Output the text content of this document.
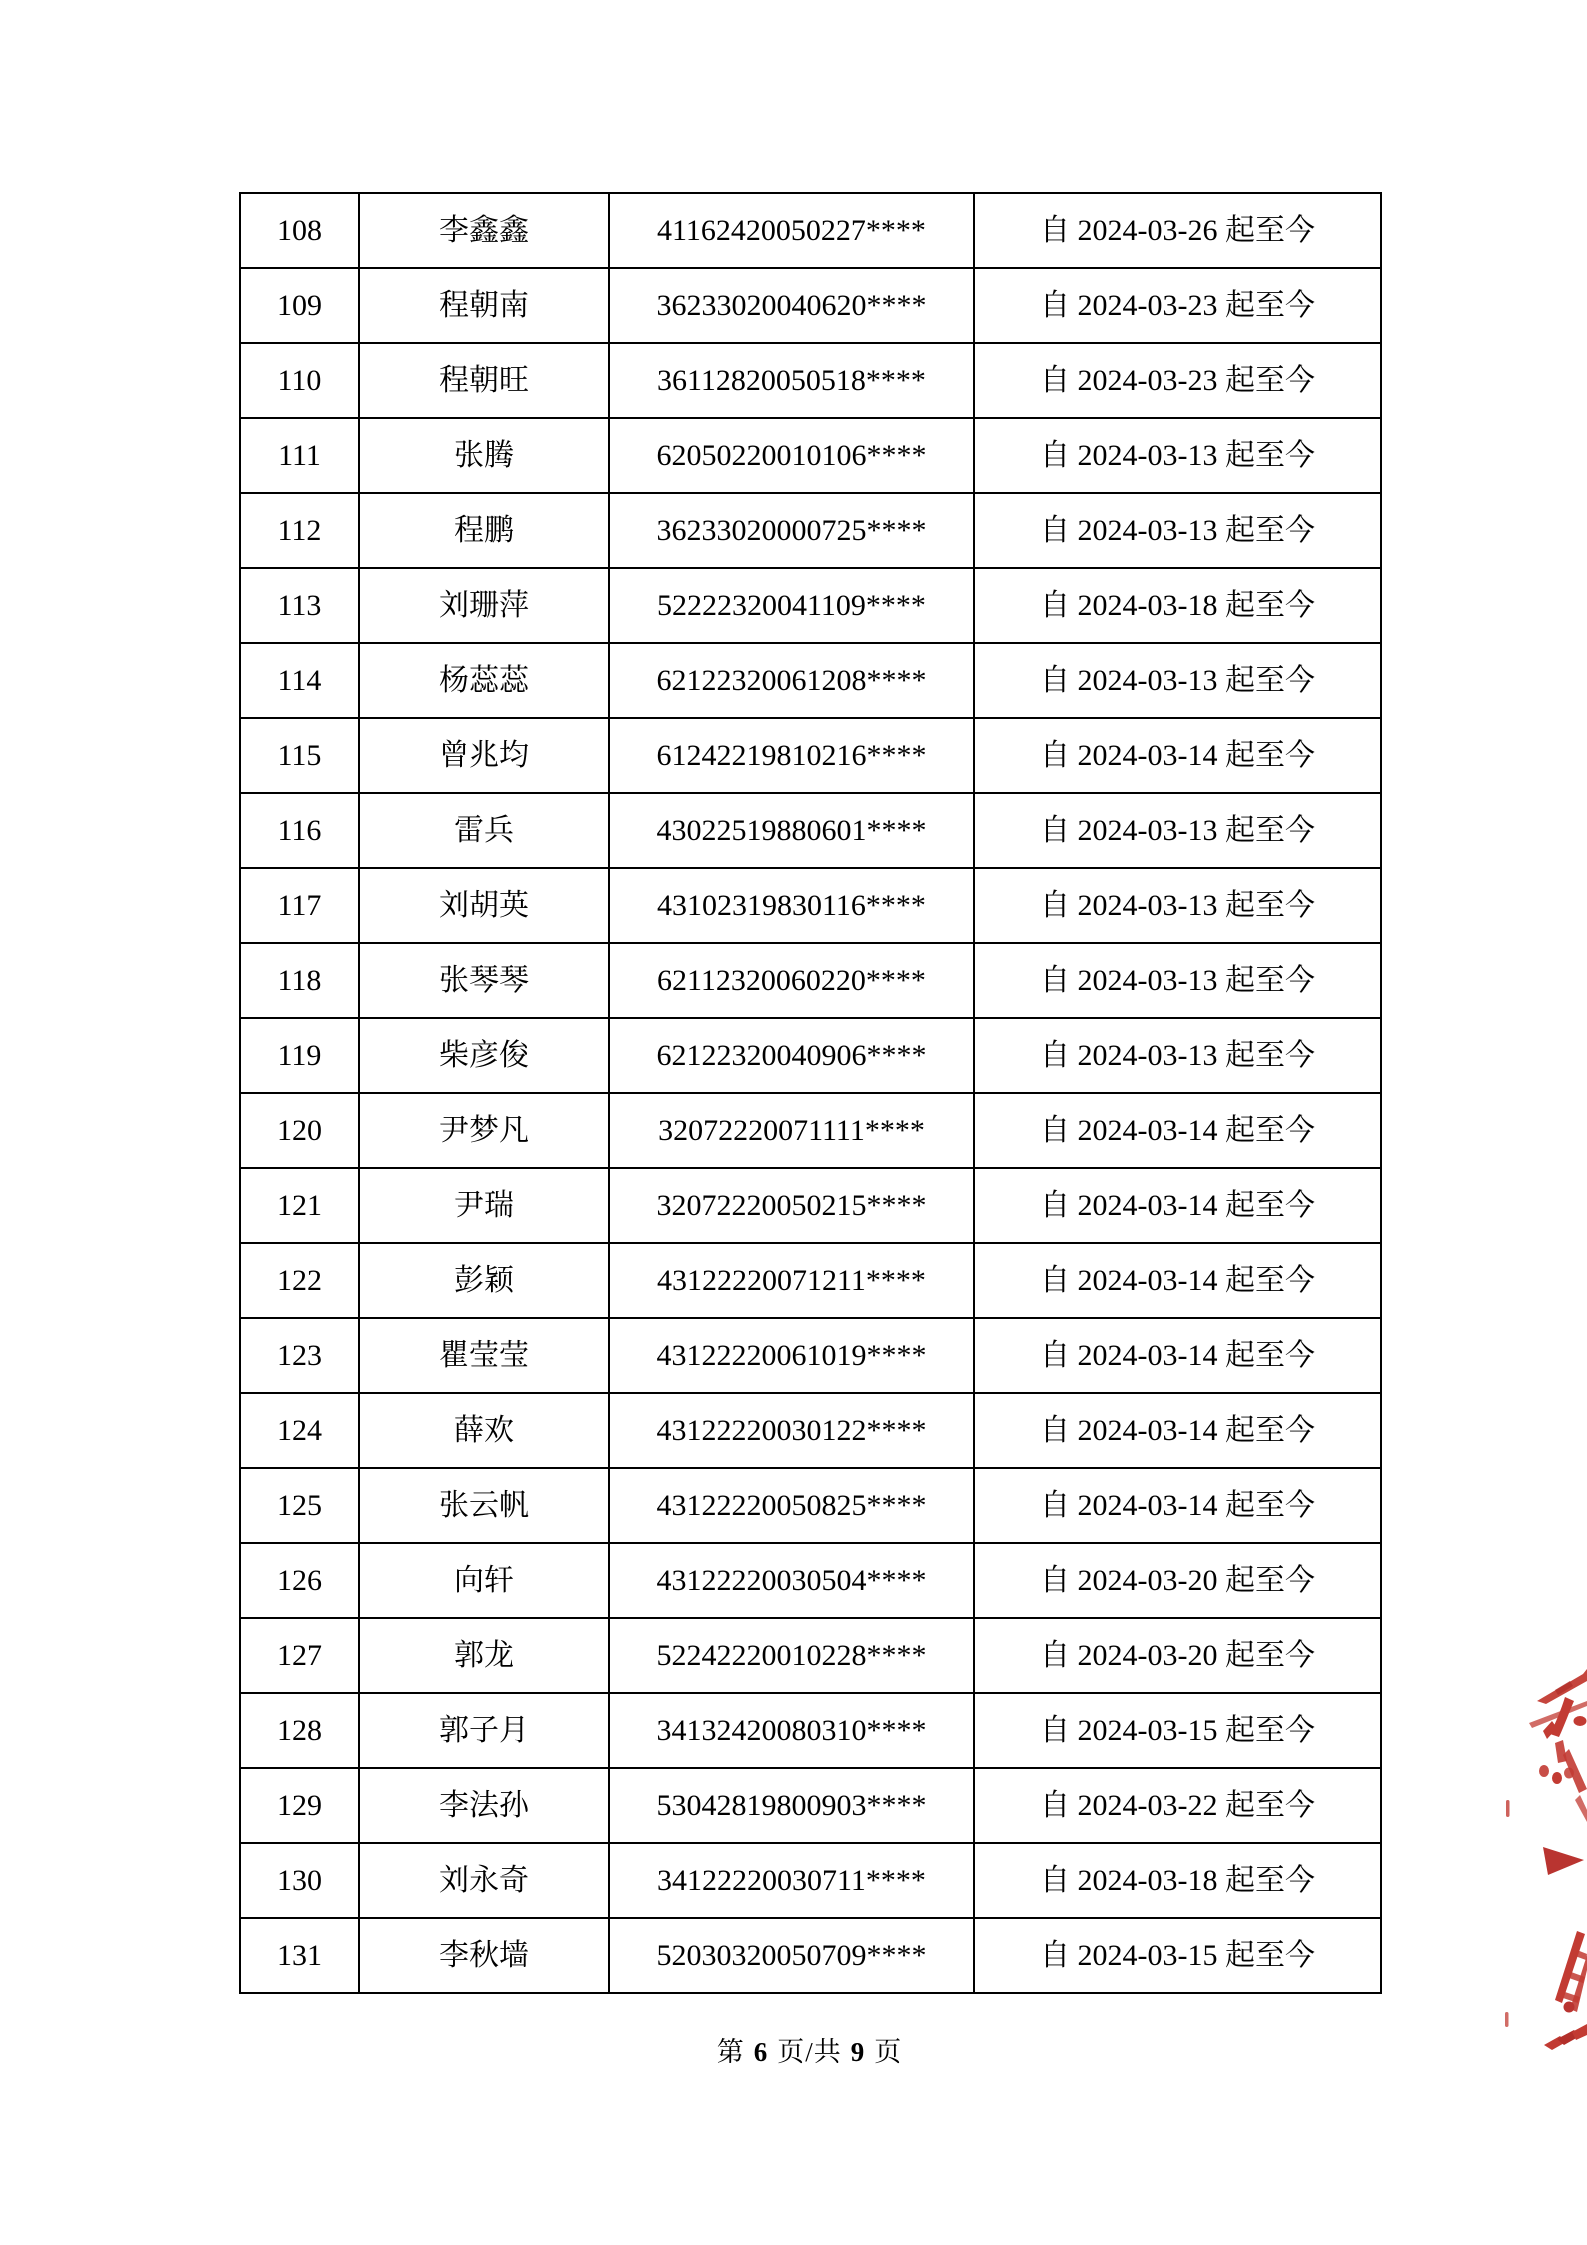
108	李鑫鑫	41162420050227****	自 2024-03-26 起至今
109	程朝南	36233020040620****	自 2024-03-23 起至今
110	程朝旺	36112820050518****	自 2024-03-23 起至今
111	张腾	62050220010106****	自 2024-03-13 起至今
112	程鹏	36233020000725****	自 2024-03-13 起至今
113	刘珊萍	52222320041109****	自 2024-03-18 起至今
114	杨蕊蕊	62122320061208****	自 2024-03-13 起至今
115	曾兆均	61242219810216****	自 2024-03-14 起至今
116	雷兵	43022519880601****	自 2024-03-13 起至今
117	刘胡英	43102319830116****	自 2024-03-13 起至今
118	张琴琴	62112320060220****	自 2024-03-13 起至今
119	柴彦俊	62122320040906****	自 2024-03-13 起至今
120	尹梦凡	32072220071111****	自 2024-03-14 起至今
121	尹瑞	32072220050215****	自 2024-03-14 起至今
122	彭颖	43122220071211****	自 2024-03-14 起至今
123	瞿莹莹	43122220061019****	自 2024-03-14 起至今
124	薛欢	43122220030122****	自 2024-03-14 起至今
125	张云帆	43122220050825****	自 2024-03-14 起至今
126	向轩	43122220030504****	自 2024-03-20 起至今
127	郭龙	52242220010228****	自 2024-03-20 起至今
128	郭子月	34132420080310****	自 2024-03-15 起至今
129	李法孙	53042819800903****	自 2024-03-22 起至今
130	刘永奇	34122220030711****	自 2024-03-18 起至今
131	李秋墙	52030320050709****	自 2024-03-15 起至今
第 6 页/共 9 页
